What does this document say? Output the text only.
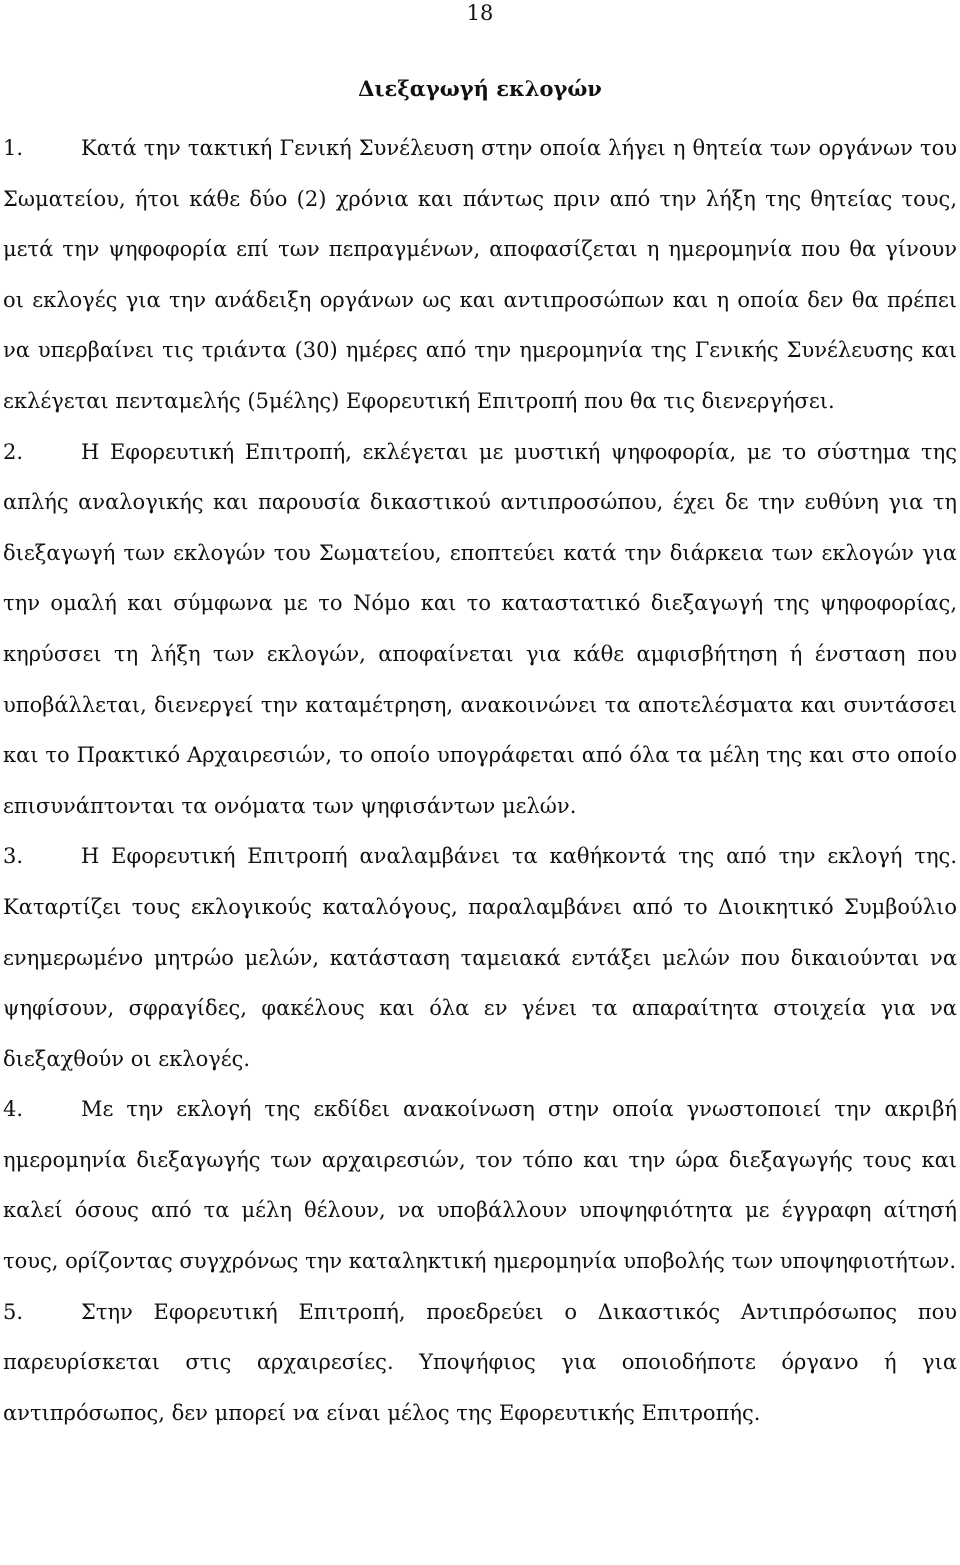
18
Διεξαγωγή εκλογών

1.	Κατά την τακτική Γενική Συνέλευση στην οποία λήγει η θητεία των οργάνων του Σωματείου, ήτοι κάθε δύο (2) χρόνια και πάντως πριν από την λήξη της θητείας τους, μετά την ψηφοφορία επί των πεπραγμένων, αποφασίζεται η ημερομηνία που θα γίνουν οι εκλογές για την ανάδειξη οργάνων ως και αντιπροσώπων και η οποία δεν θα πρέπει να υπερβαίνει τις τριάντα (30) ημέρες από την ημερομηνία της Γενικής Συνέλευσης και εκλέγεται πενταμελής (5μέλης) Εφορευτική Επιτροπή που θα τις διενεργήσει.

2.	Η Εφορευτική Επιτροπή, εκλέγεται με μυστική ψηφοφορία, με το σύστημα της απλής αναλογικής και παρουσία δικαστικού αντιπροσώπου, έχει δε την ευθύνη για τη διεξαγωγή των εκλογών του Σωματείου, εποπτεύει κατά την διάρκεια των εκλογών για την ομαλή και σύμφωνα με το Νόμο και το καταστατικό διεξαγωγή της ψηφοφορίας, κηρύσσει τη λήξη των εκλογών, αποφαίνεται για κάθε αμφισβήτηση ή ένσταση που υποβάλλεται, διενεργεί την καταμέτρηση, ανακοινώνει τα αποτελέσματα και συντάσσει και το Πρακτικό Αρχαιρεσιών, το οποίο υπογράφεται από όλα τα μέλη της και στο οποίο επισυνάπτονται τα ονόματα των ψηφισάντων μελών.

3.	Η Εφορευτική Επιτροπή αναλαμβάνει τα καθήκοντά της από την εκλογή της. Καταρτίζει τους εκλογικούς καταλόγους, παραλαμβάνει από το Διοικητικό Συμβούλιο ενημερωμένο μητρώο μελών, κατάσταση ταμειακά εντάξει μελών που δικαιούνται να ψηφίσουν, σφραγίδες, φακέλους και όλα εν γένει τα απαραίτητα στοιχεία για να διεξαχθούν οι εκλογές.

4.	Με την εκλογή της εκδίδει ανακοίνωση στην οποία γνωστοποιεί την ακριβή ημερομηνία διεξαγωγής των αρχαιρεσιών, τον τόπο και την ώρα διεξαγωγής τους και καλεί όσους από τα μέλη θέλουν, να υποβάλλουν υποψηφιότητα με έγγραφη αίτησή τους, ορίζοντας συγχρόνως την καταληκτική ημερομηνία υποβολής των υποψηφιοτήτων.

5.	Στην Εφορευτική Επιτροπή, προεδρεύει ο Δικαστικός Αντιπρόσωπος που παρευρίσκεται στις αρχαιρεσίες. Υποψήφιος για οποιοδήποτε όργανο ή για αντιπρόσωπος, δεν μπορεί να είναι μέλος της Εφορευτικής Επιτροπής.
